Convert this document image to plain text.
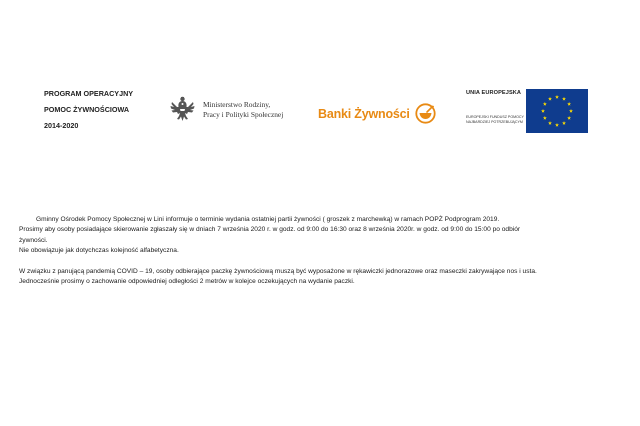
PROGRAM OPERACYJNY
POMOC ŻYWNOŚCIOWA
2014-2020
Ministerstwo Rodziny,
Pracy i Polityki Społecznej	Banki Żywności
UNIA EUROPEJSKA
EUROPEJSKI FUNDUSZ POMOCY
NAJBARDZIEJ POTRZEBUJĄCYM

Gminny Ośrodek Pomocy Społecznej w Lini informuje o terminie wydania ostatniej partii żywności ( groszek z marchewką) w ramach POPŻ Podprogram 2019.

Prosimy aby osoby posiadające skierowanie zgłaszały się w dniach 7 września 2020 r. w godz. od 9:00 do 16:30 oraz 8 września 2020r. w godz. od 9:00 do 15:00 po odbiór

żywności.

Nie obowiązuje jak dotychczas kolejność alfabetyczna.

W związku z panującą pandemią COVID – 19, osoby odbierające paczkę żywnościową muszą być wyposażone w rękawiczki jednorazowe oraz maseczki zakrywające nos i usta.

Jednocześnie prosimy o zachowanie odpowiedniej odległości 2 metrów w kolejce oczekujących na wydanie paczki.
